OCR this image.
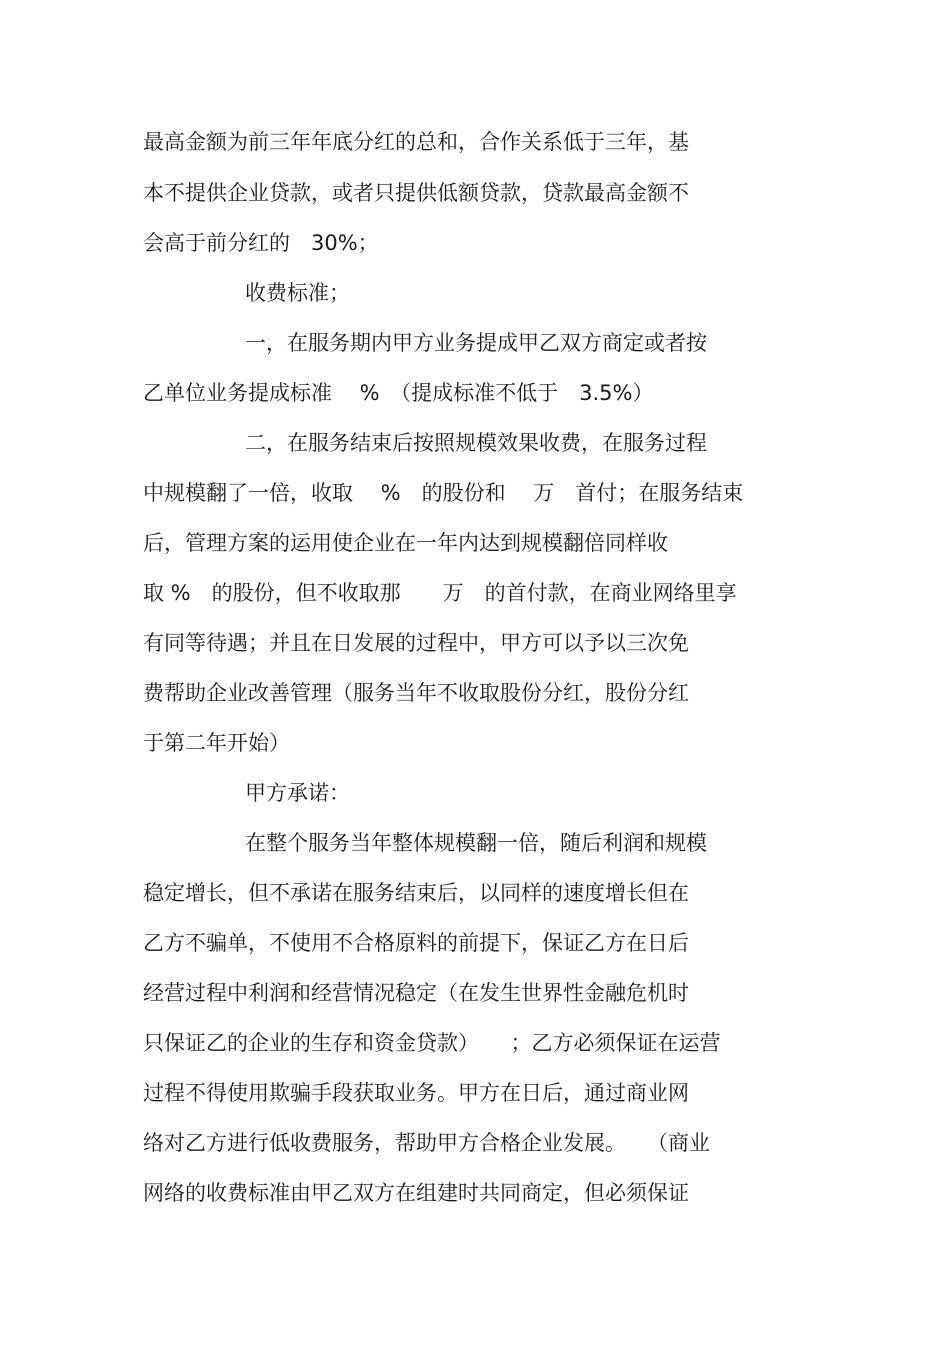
最高金额为前三年年底分红的总和，合作关系低于三年，基
本不提供企业贷款，或者只提供低额贷款，贷款最高金额不
会高于前分红的　30%；
收费标准；
一，在服务期内甲方业务提成甲乙双方商定或者按
乙单位业务提成标准　 %　（提成标准不低于　3.5%）
二，在服务结束后按照规模效果收费，在服务过程
中规模翻了一倍，收取　 %　的股份和　 万　首付；在服务结束
后，管理方案的运用使企业在一年内达到规模翻倍同样收
取 %　的股份，但不收取那　　万　的首付款，在商业网络里享
有同等待遇；并且在日发展的过程中，甲方可以予以三次免
费帮助企业改善管理（服务当年不收取股份分红，股份分红
于第二年开始）
甲方承诺：
在整个服务当年整体规模翻一倍，随后利润和规模
稳定增长，但不承诺在服务结束后，以同样的速度增长但在
乙方不骗单，不使用不合格原料的前提下，保证乙方在日后
经营过程中利润和经营情况稳定（在发生世界性金融危机时
只保证乙的企业的生存和资金贷款）　　；乙方必须保证在运营
过程不得使用欺骗手段获取业务。甲方在日后，通过商业网
络对乙方进行低收费服务，帮助甲方合格企业发展。　　（商业
网络的收费标准由甲乙双方在组建时共同商定，但必须保证
